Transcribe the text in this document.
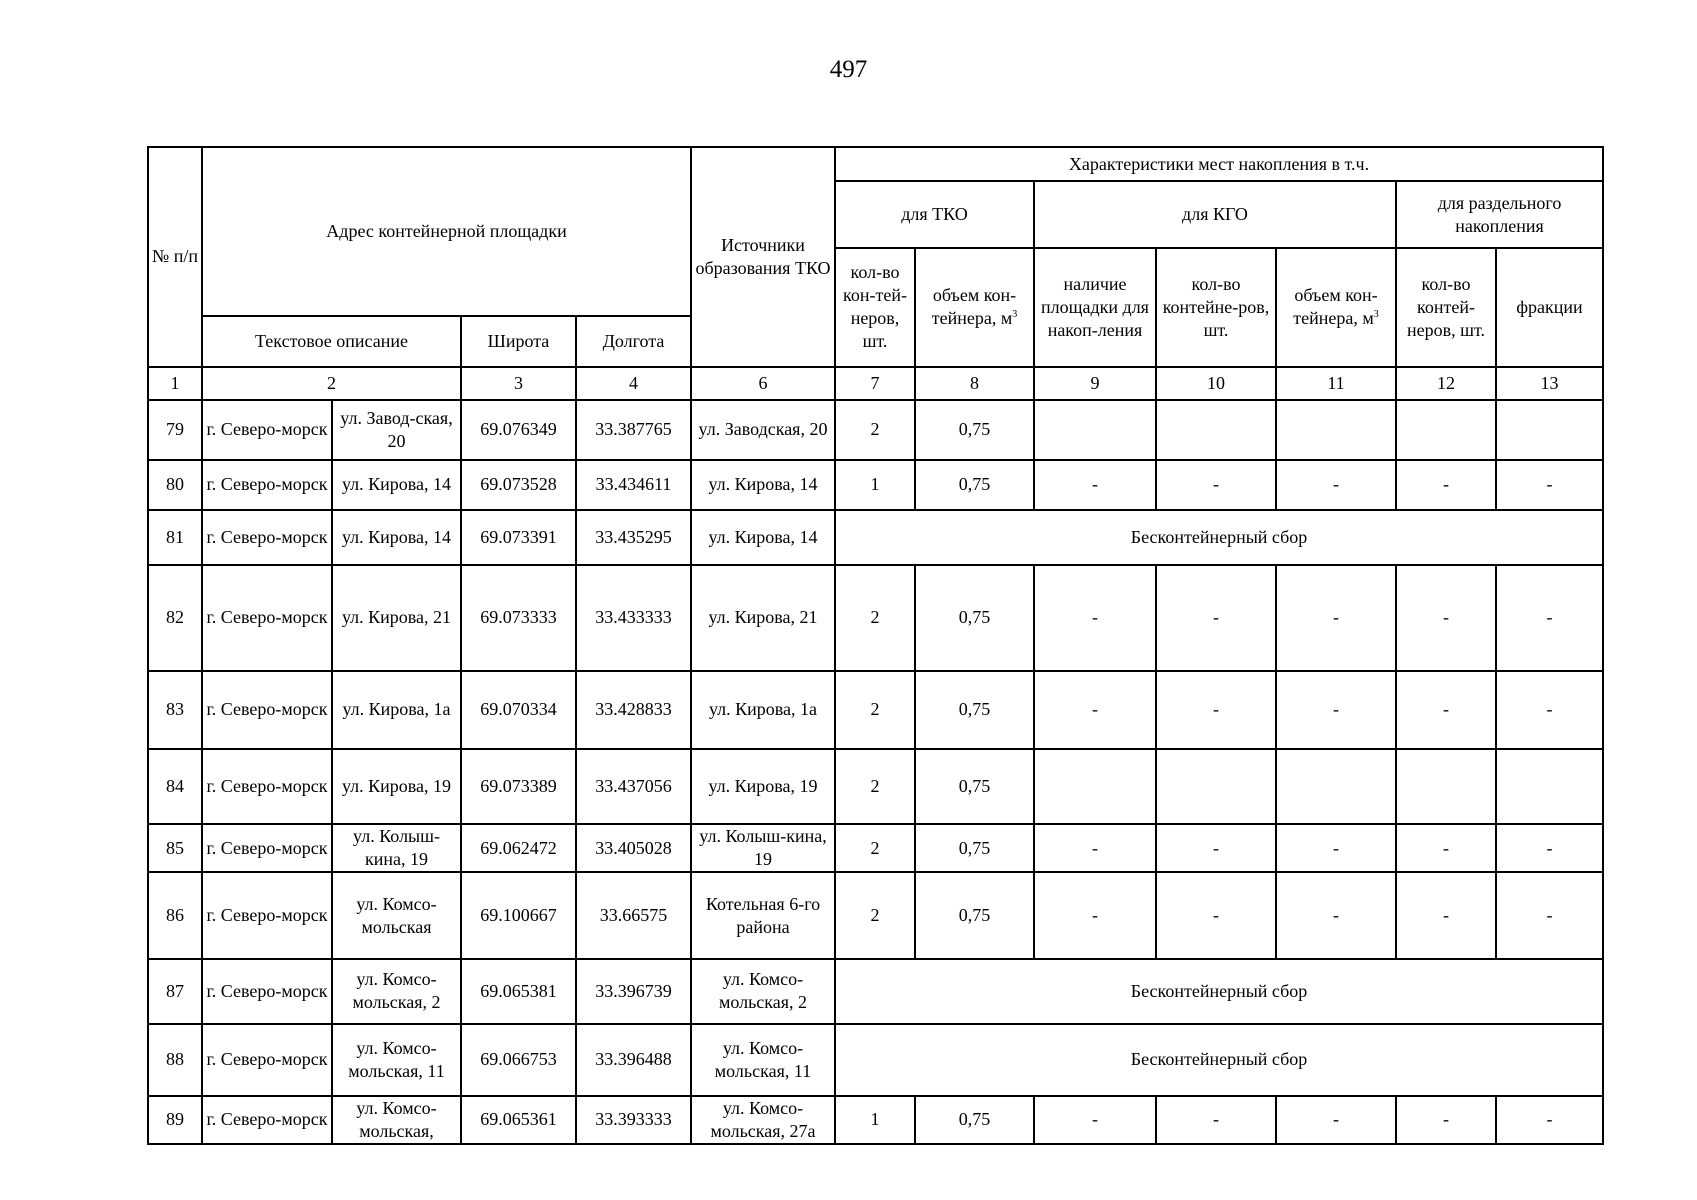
497
№ п/п	Адрес контейнерной площадки				Источники образования ТКО	Характеристики мест накопления в т.ч.						
						для ТКО		для КГО			для раздельного накопления	
						кол-во кон-тей-неров, шт.	объем кон-тейнера, $м^3$	наличие площадки для накоп-ления	кол-во контейне-ров, шт.	объем кон-тейнера, $м^3$	кол-во контей-неров, шт.	фракции
	Текстовое описание		Широта	Долгота								
1	2		3	4	6	7	8	9	10	11	12	13
79	г. Северо-морск	ул. Завод-ская, 20	69.076349	33.387765	ул. Заводская, 20	2	0,75					
80	г. Северо-морск	ул. Кирова, 14	69.073528	33.434611	ул. Кирова, 14	1	0,75	-	-	-	-	-
81	г. Северо-морск	ул. Кирова, 14	69.073391	33.435295	ул. Кирова, 14	Бесконтейнерный сбор						
82	г. Северо-морск	ул. Кирова, 21	69.073333	33.433333	ул. Кирова, 21	2	0,75	-	-	-	-	-
83	г. Северо-морск	ул. Кирова, 1а	69.070334	33.428833	ул. Кирова, 1а	2	0,75	-	-	-	-	-
84	г. Северо-морск	ул. Кирова, 19	69.073389	33.437056	ул. Кирова, 19	2	0,75					
85	г. Северо-морск	ул. Колыш-кина, 19	69.062472	33.405028	ул. Колыш-кина, 19	2	0,75	-	-	-	-	-
86	г. Северо-морск	ул. Комсо-мольская	69.100667	33.66575	Котельная 6-го района	2	0,75	-	-	-	-	-
87	г. Северо-морск	ул. Комсо-мольская, 2	69.065381	33.396739	ул. Комсо-мольская, 2	Бесконтейнерный сбор						
88	г. Северо-морск	ул. Комсо-мольская, 11	69.066753	33.396488	ул. Комсо-мольская, 11	Бесконтейнерный сбор						
89	г. Северо-морск	ул. Комсо-мольская,	69.065361	33.393333	ул. Комсо-мольская, 27а	1	0,75	-	-	-	-	-
